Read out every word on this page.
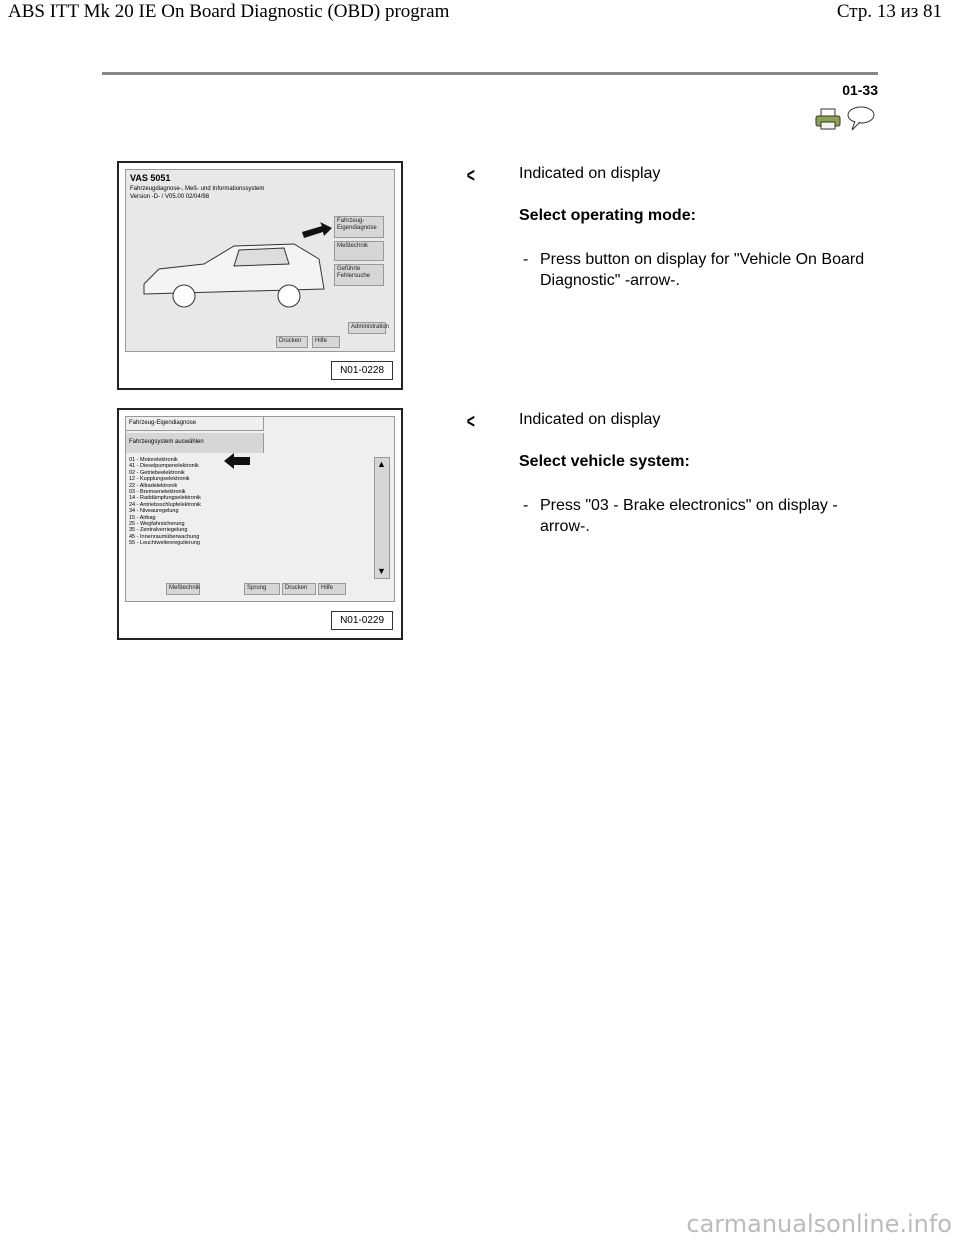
ABS ITT Mk 20 IE On Board Diagnostic (OBD) program	Стр. 13 из 81
01-33
VAS 5051
Fahrzeugdiagnose-, Meß- und Informationssystem
Version -D- / V05.00 02/04/98
Fahrzeug-
Eigendiagnose
Meßtechnik
Geführte
Fehlersuche
Administration
Drucken	Hilfe
N01-0228
<	Indicated on display
Select operating mode:
- Press button on display for "Vehicle On Board Diagnostic" -arrow-.
Fahrzeug-Eigendiagnose
Fahrzeugsystem auswählen
01 - Motorelektronik
41 - Dieselpumpenelektronik
02 - Getriebeelektronik
12 - Kupplungselektronik
22 - Allradelektronik
03 - Bremsenelektronik
14 - Raddämpfungselektronik
24 - Antriebsschlupfelektronik
34 - Niveauregelung
15 - Airbag
25 - Wegfahrsicherung
35 - Zentralverriegelung
45 - Innenraumüberwachung
55 - Leuchtweitenregulierung
▲
▼
Meßtechnik	Sprung	Drucken	Hilfe
N01-0229
<	Indicated on display
Select vehicle system:
- Press "03 - Brake electronics" on display -arrow-.
carmanualsonline.info
